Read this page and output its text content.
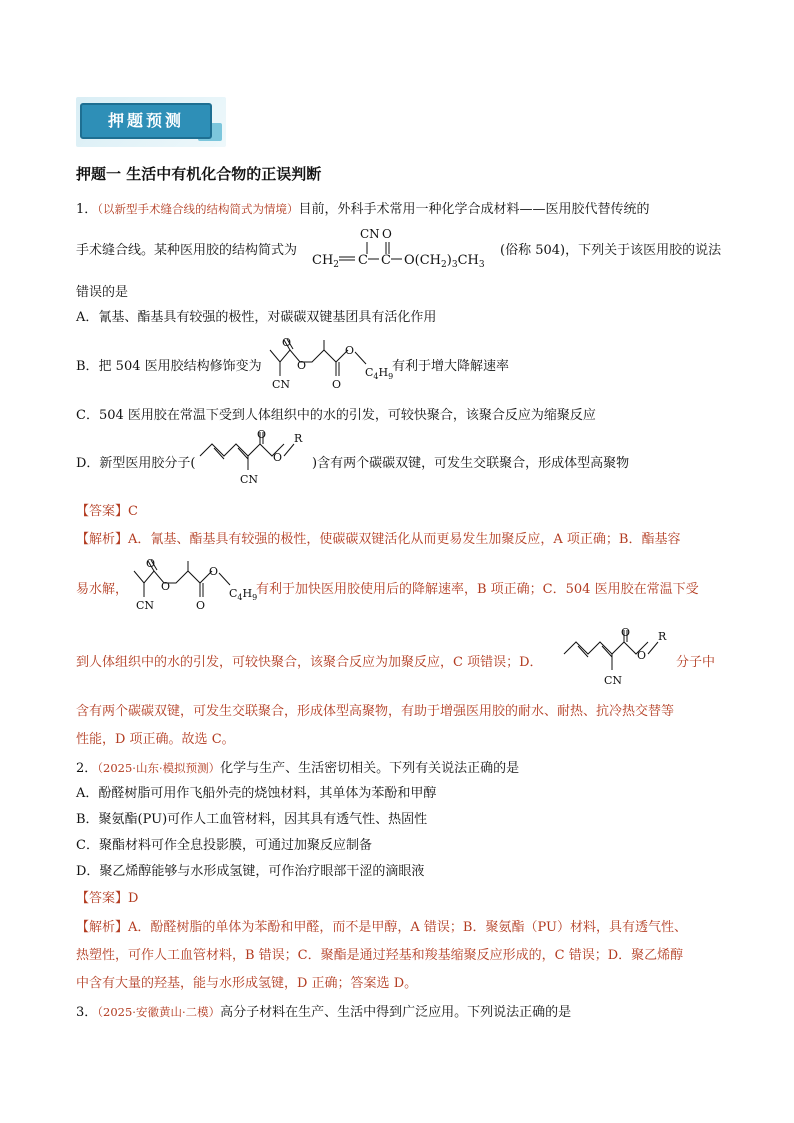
押题预测
押题一 生活中有机化合物的正误判断
1．（以新型手术缝合线的结构简式为情境）目前，外科手术常用一种化学合成材料——医用胶代替传统的
手术缝合线。某种医用胶的结构简式为
CN O
$CH_2$ C C $O(CH_2)_3CH_3$
(俗称 504)，下列关于该医用胶的说法
错误的是
A．氰基、酯基具有较强的极性，对碳碳双键基团具有活化作用
B．把 504 医用胶结构修饰变为
O
CN
O
O
O
$C_4H_9$
有利于增大降解速率
C．504 医用胶在常温下受到人体组织中的水的引发，可较快聚合，该聚合反应为缩聚反应
D．新型医用胶分子(
O
CN
O
R
)含有两个碳碳双键，可发生交联聚合，形成体型高聚物
【答案】C
【解析】A．氰基、酯基具有较强的极性，使碳碳双键活化从而更易发生加聚反应，A 项正确；B．酯基容
易水解，
O
CN
O
O
O
$C_4H_9$
有利于加快医用胶使用后的降解速率，B 项正确；C．504 医用胶在常温下受
到人体组织中的水的引发，可较快聚合，该聚合反应为加聚反应，C 项错误；D．
O
CN
O
R
分子中
含有两个碳碳双键，可发生交联聚合，形成体型高聚物，有助于增强医用胶的耐水、耐热、抗冷热交替等
性能，D 项正确。故选 C。
2．（2025·山东·模拟预测）化学与生产、生活密切相关。下列有关说法正确的是
A．酚醛树脂可用作飞船外壳的烧蚀材料，其单体为苯酚和甲醇
B．聚氨酯(PU)可作人工血管材料，因其具有透气性、热固性
C．聚酯材料可作全息投影膜，可通过加聚反应制备
D．聚乙烯醇能够与水形成氢键，可作治疗眼部干涩的滴眼液
【答案】D
【解析】A．酚醛树脂的单体为苯酚和甲醛，而不是甲醇，A 错误；B．聚氨酯（PU）材料，具有透气性、
热塑性，可作人工血管材料，B 错误；C．聚酯是通过羟基和羧基缩聚反应形成的，C 错误；D．聚乙烯醇
中含有大量的羟基，能与水形成氢键，D 正确；答案选 D。
3．（2025·安徽黄山·二模）高分子材料在生产、生活中得到广泛应用。下列说法正确的是
